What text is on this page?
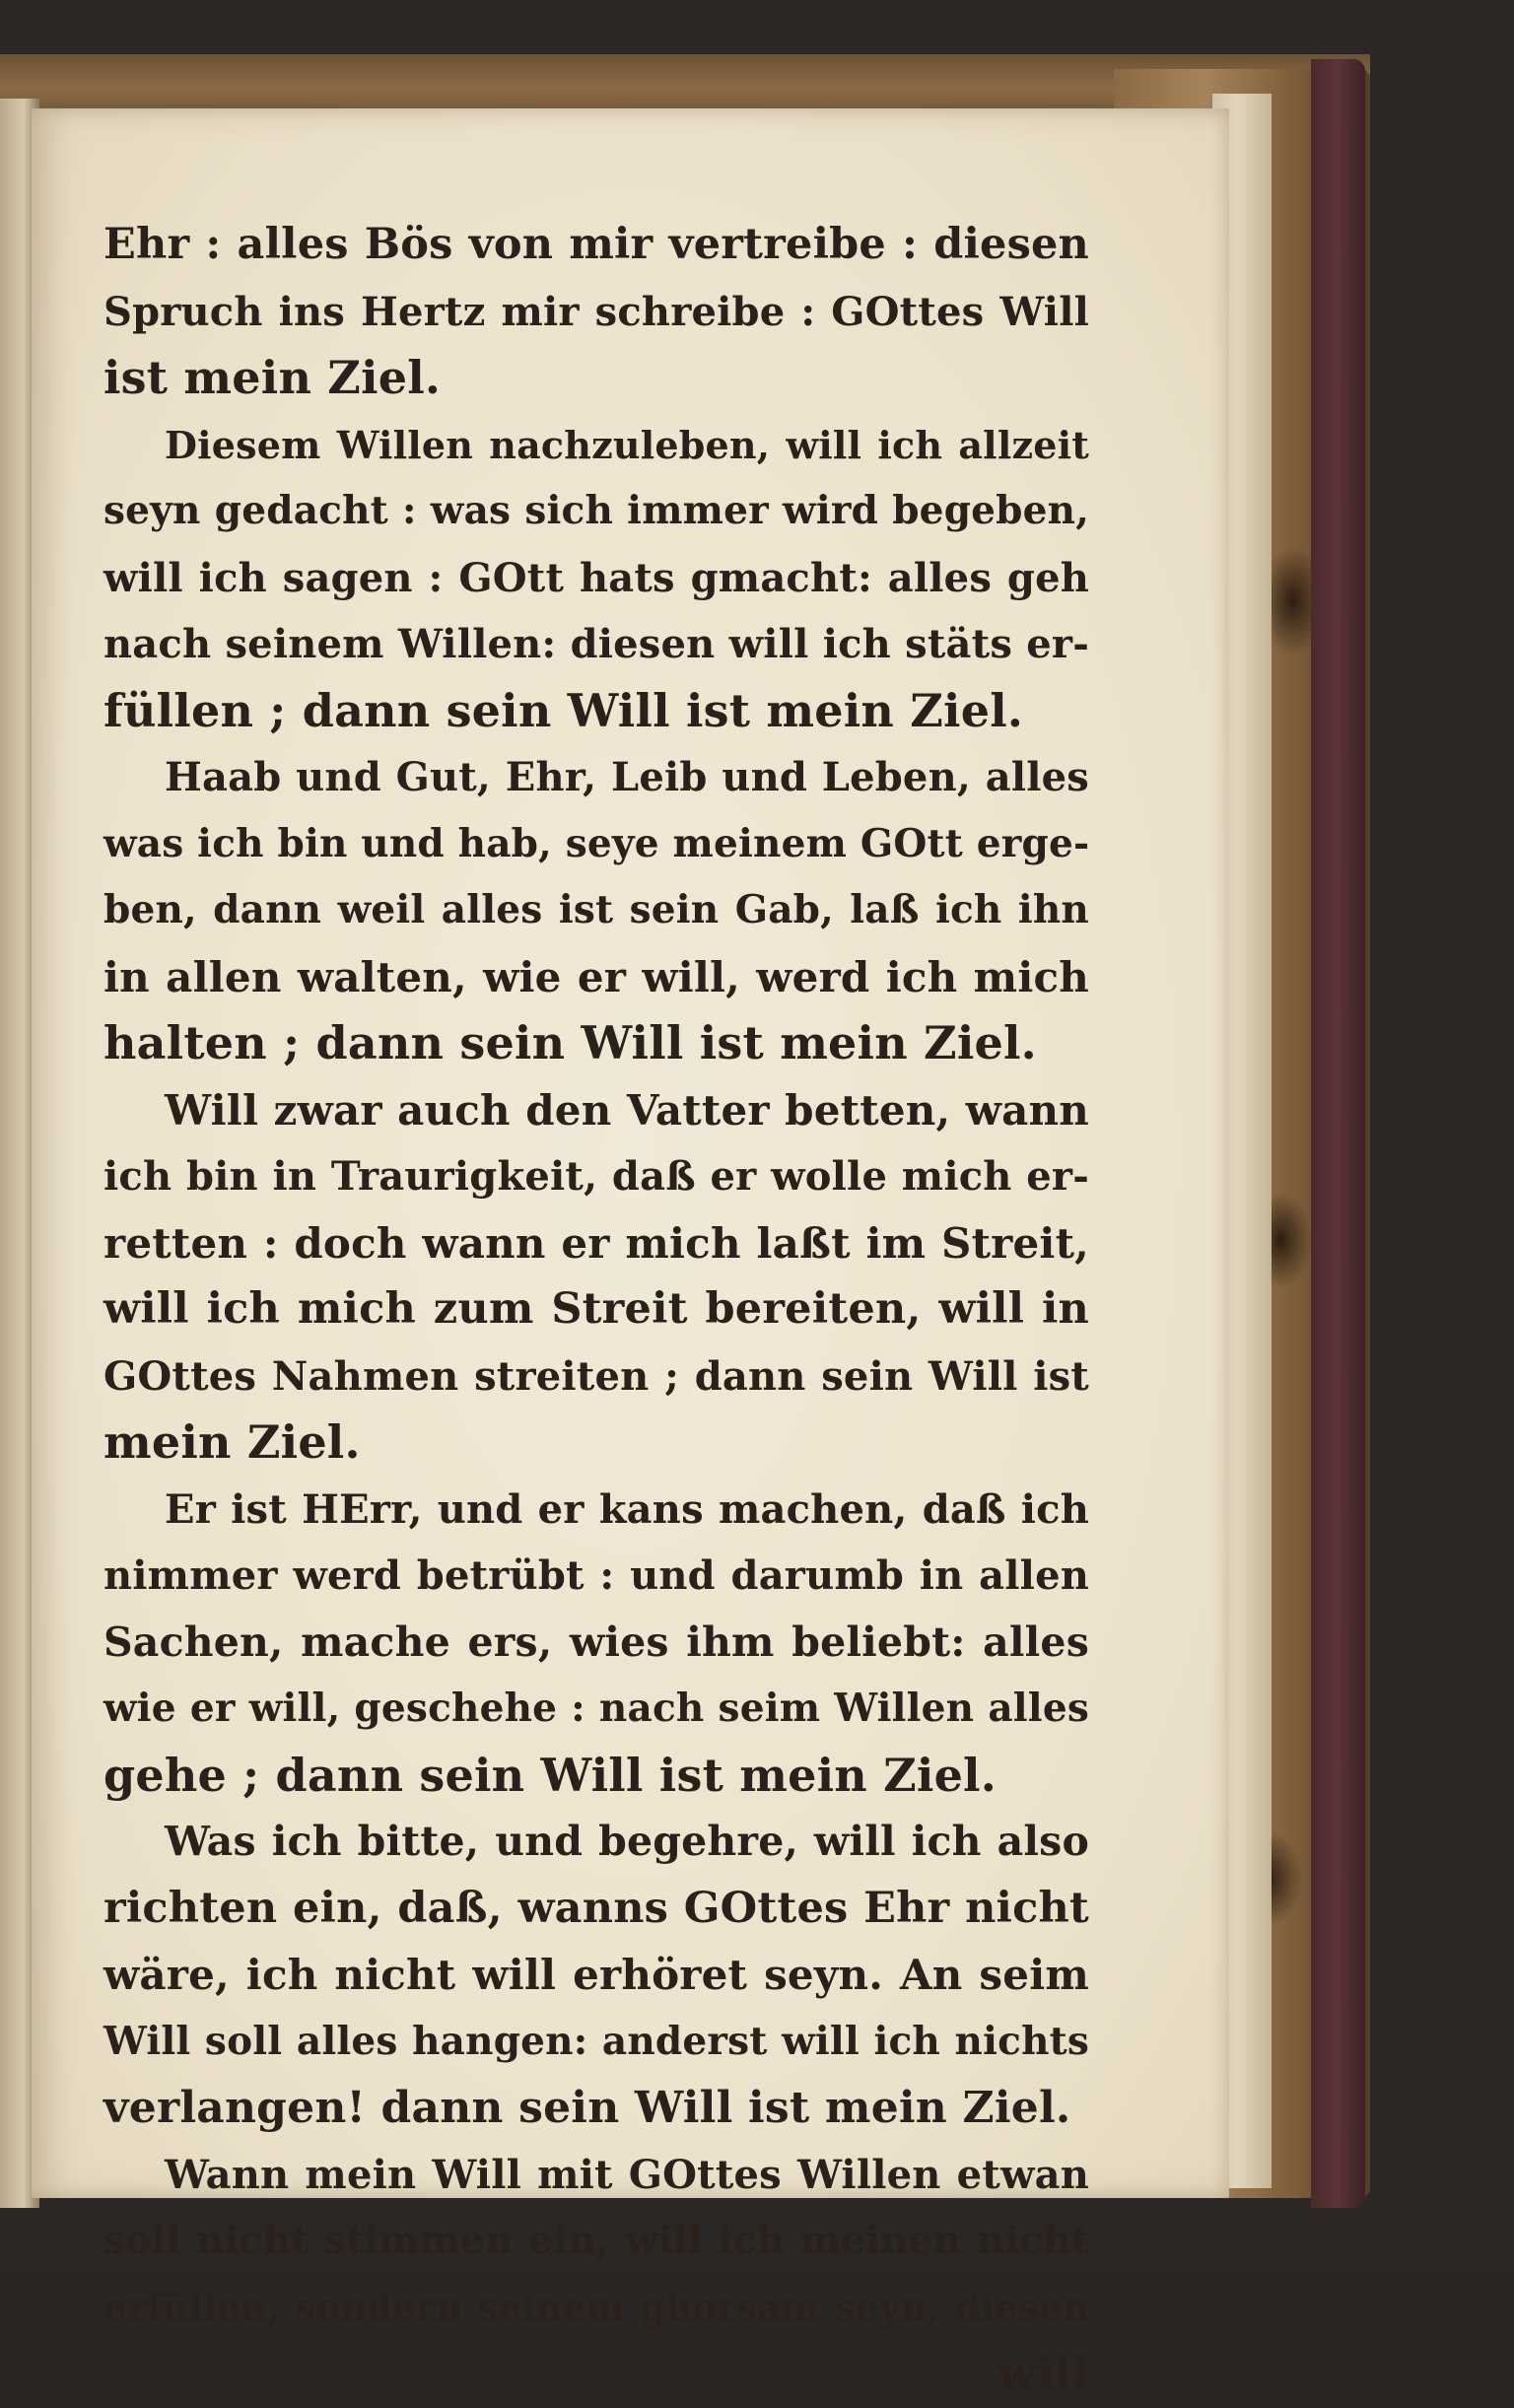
Ehr : alles Bös von mir vertreibe : diesen
Spruch ins Hertz mir schreibe : GOttes Will
ist mein Ziel.
Diesem Willen nachzuleben, will ich allzeit
seyn gedacht : was sich immer wird begeben,
will ich sagen : GOtt hats gmacht: alles geh
nach seinem Willen: diesen will ich stäts er-
füllen ; dann sein Will ist mein Ziel.
Haab und Gut, Ehr, Leib und Leben, alles
was ich bin und hab, seye meinem GOtt erge-
ben, dann weil alles ist sein Gab, laß ich ihn
in allen walten, wie er will, werd ich mich
halten ; dann sein Will ist mein Ziel.
Will zwar auch den Vatter betten, wann
ich bin in Traurigkeit, daß er wolle mich er-
retten : doch wann er mich laßt im Streit,
will ich mich zum Streit bereiten, will in
GOttes Nahmen streiten ; dann sein Will ist
mein Ziel.
Er ist HErr, und er kans machen, daß ich
nimmer werd betrübt : und darumb in allen
Sachen, mache ers, wies ihm beliebt: alles
wie er will, geschehe : nach seim Willen alles
gehe ; dann sein Will ist mein Ziel.
Was ich bitte, und begehre, will ich also
richten ein, daß, wanns GOttes Ehr nicht
wäre, ich nicht will erhöret seyn. An seim
Will soll alles hangen: anderst will ich nichts
verlangen! dann sein Will ist mein Ziel.
Wann mein Will mit GOttes Willen etwan
soll nicht stimmen ein, will ich meinen nicht
erfüllen, sondern seinem ghorsam seyn, diesen
will
